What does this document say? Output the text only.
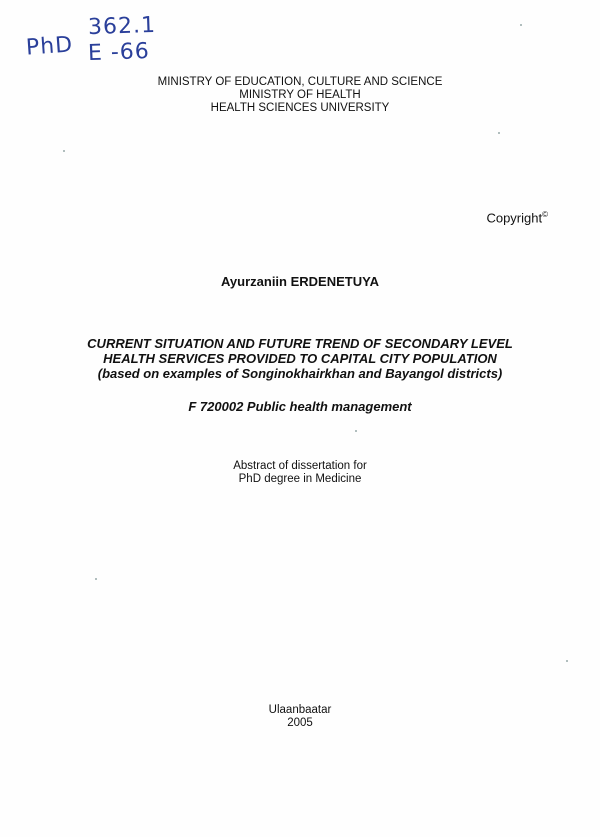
PhD
362.1
E -66
MINISTRY OF EDUCATION, CULTURE AND SCIENCE
MINISTRY OF HEALTH
HEALTH SCIENCES UNIVERSITY
Copyright©
Ayurzaniin ERDENETUYA
CURRENT SITUATION AND FUTURE TREND OF SECONDARY LEVEL
HEALTH SERVICES PROVIDED TO CAPITAL CITY POPULATION
(based on examples of Songinokhairkhan and Bayangol districts)
F 720002 Public health management
Abstract of dissertation for
PhD degree in Medicine
Ulaanbaatar
2005
